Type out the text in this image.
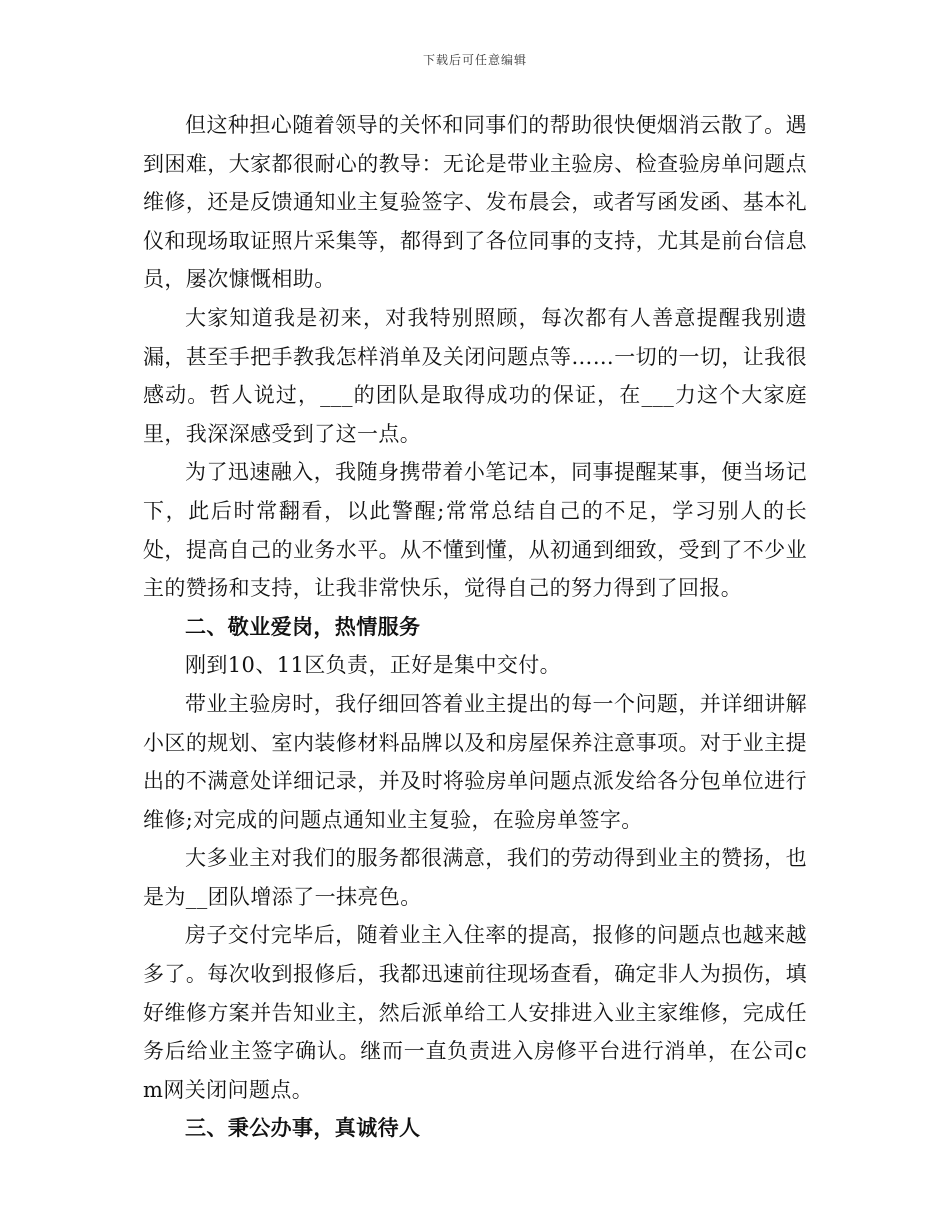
下载后可任意编辑

但这种担心随着领导的关怀和同事们的帮助很快便烟消云散了。遇到困难，大家都很耐心的教导：无论是带业主验房、检查验房单问题点维修，还是反馈通知业主复验签字、发布晨会，或者写函发函、基本礼仪和现场取证照片采集等，都得到了各位同事的支持，尤其是前台信息员，屡次慷慨相助。

大家知道我是初来，对我特别照顾，每次都有人善意提醒我别遗漏，甚至手把手教我怎样消单及关闭问题点等……一切的一切，让我很感动。哲人说过，___的团队是取得成功的保证，在___力这个大家庭里，我深深感受到了这一点。

为了迅速融入，我随身携带着小笔记本，同事提醒某事，便当场记下，此后时常翻看，以此警醒;常常总结自己的不足，学习别人的长处，提高自己的业务水平。从不懂到懂，从初通到细致，受到了不少业主的赞扬和支持，让我非常快乐，觉得自己的努力得到了回报。

二、敬业爱岗，热情服务

刚到10、11区负责，正好是集中交付。

带业主验房时，我仔细回答着业主提出的每一个问题，并详细讲解小区的规划、室内装修材料品牌以及和房屋保养注意事项。对于业主提出的不满意处详细记录，并及时将验房单问题点派发给各分包单位进行维修;对完成的问题点通知业主复验，在验房单签字。

大多业主对我们的服务都很满意，我们的劳动得到业主的赞扬，也是为__团队增添了一抹亮色。

房子交付完毕后，随着业主入住率的提高，报修的问题点也越来越多了。每次收到报修后，我都迅速前往现场查看，确定非人为损伤，填好维修方案并告知业主，然后派单给工人安排进入业主家维修，完成任务后给业主签字确认。继而一直负责进入房修平台进行消单，在公司cm网关闭问题点。

三、秉公办事，真诚待人
